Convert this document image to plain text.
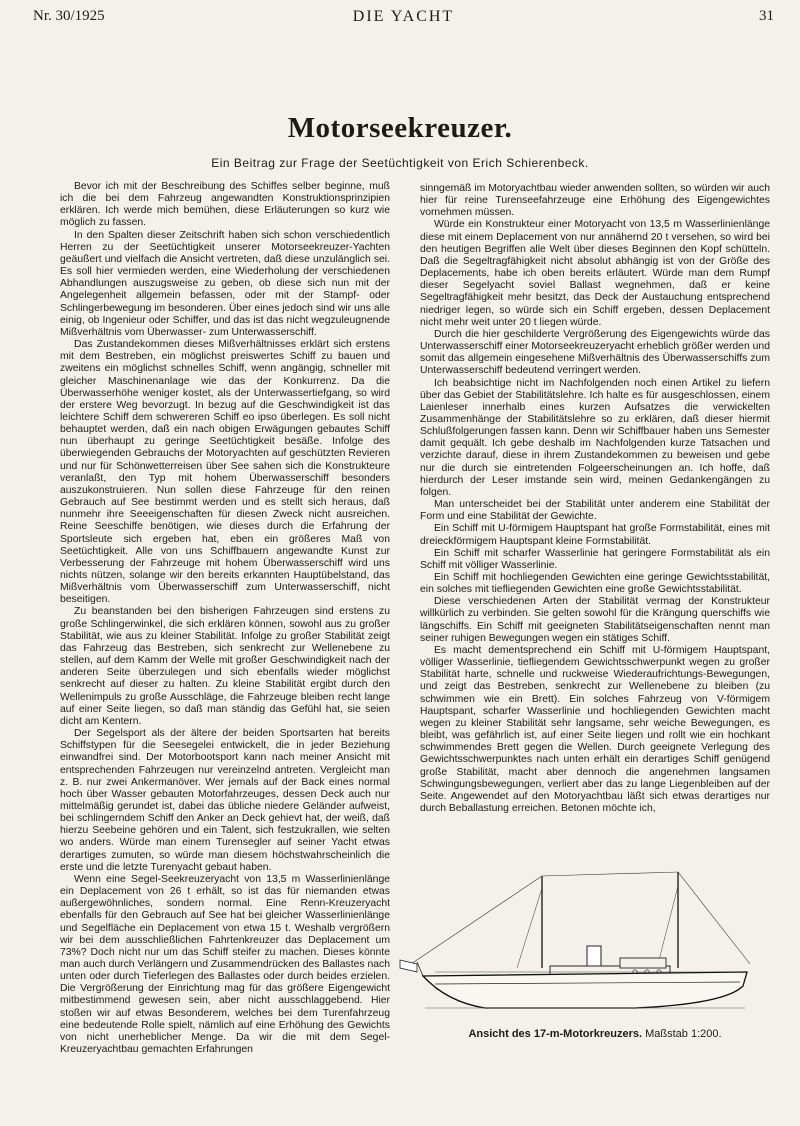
Nr. 30/1925	DIE YACHT	31
Motorseekreuzer.

Ein Beitrag zur Frage der Seetüchtigkeit von Erich Schierenbeck.

Bevor ich mit der Beschreibung des Schiffes selber beginne, muß ich die bei dem Fahrzeug angewandten Konstruktionsprinzipien erklären. Ich werde mich bemühen, diese Erläuterungen so kurz wie möglich zu fassen.

In den Spalten dieser Zeitschrift haben sich schon verschiedentlich Herren zu der Seetüchtigkeit unserer Motorseekreuzer-Yachten geäußert und vielfach die Ansicht vertreten, daß diese unzulänglich sei. Es soll hier vermieden werden, eine Wiederholung der verschiedenen Abhandlungen auszugsweise zu geben, ob diese sich nun mit der Angelegenheit allgemein befassen, oder mit der Stampf- oder Schlingerbewegung im besonderen. Über eines jedoch sind wir uns alle einig, ob Ingenieur oder Schiffer, und das ist das nicht wegzuleugnende Mißverhältnis vom Überwasser- zum Unterwasserschiff.

Das Zustandekommen dieses Mißverhältnisses erklärt sich erstens mit dem Bestreben, ein möglichst preiswertes Schiff zu bauen und zweitens ein möglichst schnelles Schiff, wenn angängig, schneller mit gleicher Maschinenanlage wie das der Konkurrenz. Da die Überwasserhöhe weniger kostet, als der Unterwassertiefgang, so wird der erstere Weg bevorzugt. In bezug auf die Geschwindigkeit ist das leichtere Schiff dem schwereren Schiff eo ipso überlegen. Es soll nicht behauptet werden, daß ein nach obigen Erwägungen gebautes Schiff nun überhaupt zu geringe Seetüchtigkeit besäße. Infolge des überwiegenden Gebrauchs der Motoryachten auf geschützten Revieren und nur für Schönwetterreisen über See sahen sich die Konstrukteure veranlaßt, den Typ mit hohem Überwasserschiff besonders auszukonstruieren. Nun sollen diese Fahrzeuge für den reinen Gebrauch auf See bestimmt werden und es stellt sich heraus, daß nunmehr ihre Seeeigenschaften für diesen Zweck nicht ausreichen. Reine Seeschiffe benötigen, wie dieses durch die Erfahrung der Sportsleute sich ergeben hat, eben ein größeres Maß von Seetüchtigkeit. Alle von uns Schiffbauern angewandte Kunst zur Verbesserung der Fahrzeuge mit hohem Überwasserschiff wird uns nichts nützen, solange wir den bereits erkannten Hauptübelstand, das Mißverhältnis vom Überwasserschiff zum Unterwasserschiff, nicht beseitigen.

Zu beanstanden bei den bisherigen Fahrzeugen sind erstens zu große Schlingerwinkel, die sich erklären können, sowohl aus zu großer Stabilität, wie aus zu kleiner Stabilität. Infolge zu großer Stabilität zeigt das Fahrzeug das Bestreben, sich senkrecht zur Wellenebene zu stellen, auf dem Kamm der Welle mit großer Geschwindigkeit nach der anderen Seite überzulegen und sich ebenfalls wieder möglichst senkrecht auf dieser zu halten. Zu kleine Stabilität ergibt durch den Wellenimpuls zu große Ausschläge, die Fahrzeuge bleiben recht lange auf einer Seite liegen, so daß man ständig das Gefühl hat, sie seien dicht am Kentern.

Der Segelsport als der ältere der beiden Sportsarten hat bereits Schiffstypen für die Seesegelei entwickelt, die in jeder Beziehung einwandfrei sind. Der Motorbootsport kann nach meiner Ansicht mit entsprechenden Fahrzeugen nur vereinzelnd antreten. Vergleicht man z. B. nur zwei Ankermanöver. Wer jemals auf der Back eines normal hoch über Wasser gebauten Motorfahrzeuges, dessen Deck auch nur mittelmäßig gerundet ist, dabei das übliche niedere Geländer aufweist, bei schlingerndem Schiff den Anker an Deck gehievt hat, der weiß, daß hierzu Seebeine gehören und ein Talent, sich festzukrallen, wie selten wo anders. Würde man einem Turensegler auf seiner Yacht etwas derartiges zumuten, so würde man diesem höchstwahrscheinlich die erste und die letzte Turenyacht gebaut haben.

Wenn eine Segel-Seekreuzeryacht von 13,5 m Wasserlinienlänge ein Deplacement von 26 t erhält, so ist das für niemanden etwas außergewöhnliches, sondern normal. Eine Renn-Kreuzeryacht ebenfalls für den Gebrauch auf See hat bei gleicher Wasserlinienlänge und Segelfläche ein Deplacement von etwa 15 t. Weshalb vergrößern wir bei dem ausschließlichen Fahrtenkreuzer das Deplacement um 73%? Doch nicht nur um das Schiff steifer zu machen. Dieses könnte man auch durch Verlängern und Zusammendrücken des Ballastes nach unten oder durch Tieferlegen des Ballastes oder durch beides erzielen. Die Vergrößerung der Einrichtung mag für das größere Eigengewicht mitbestimmend gewesen sein, aber nicht ausschlaggebend. Hier stoßen wir auf etwas Besonderem, welches bei dem Turenfahrzeug eine bedeutende Rolle spielt, nämlich auf eine Erhöhung des Gewichts von nicht unerheblicher Menge. Da wir die mit dem Segel-Kreuzeryachtbau gemachten Erfahrungen

sinngemäß im Motoryachtbau wieder anwenden sollten, so würden wir auch hier für reine Turenseefahrzeuge eine Erhöhung des Eigengewichtes vornehmen müssen.

Würde ein Konstrukteur einer Motoryacht von 13,5 m Wasserlinienlänge diese mit einem Deplacement von nur annähernd 20 t versehen, so wird bei den heutigen Begriffen alle Welt über dieses Beginnen den Kopf schütteln. Daß die Segeltragfähigkeit nicht absolut abhängig ist von der Größe des Deplacements, habe ich oben bereits erläutert. Würde man dem Rumpf dieser Segelyacht soviel Ballast wegnehmen, daß er keine Segeltragfähigkeit mehr besitzt, das Deck der Austauchung entsprechend niedriger legen, so würde sich ein Schiff ergeben, dessen Deplacement nicht mehr weit unter 20 t liegen würde.

Durch die hier geschilderte Vergrößerung des Eigengewichts würde das Unterwasserschiff einer Motorseekreuzeryacht erheblich größer werden und somit das allgemein eingesehene Mißverhältnis des Überwasserschiffs zum Unterwasserschiff bedeutend verringert werden.

Ich beabsichtige nicht im Nachfolgenden noch einen Artikel zu liefern über das Gebiet der Stabilitätslehre. Ich halte es für ausgeschlossen, einem Laienleser innerhalb eines kurzen Aufsatzes die verwickelten Zusammenhänge der Stabilitätslehre so zu erklären, daß dieser hiermit Schlußfolgerungen fassen kann. Denn wir Schiffbauer haben uns Semester damit gequält. Ich gebe deshalb im Nachfolgenden kurze Tatsachen und verzichte darauf, diese in ihrem Zustandekommen zu beweisen und gebe nur die durch sie eintretenden Folgeerscheinungen an. Ich hoffe, daß hierdurch der Leser imstande sein wird, meinen Gedankengängen zu folgen.

Man unterscheidet bei der Stabilität unter anderem eine Stabilität der Form und eine Stabilität der Gewichte.

Ein Schiff mit U-förmigem Hauptspant hat große Formstabilität, eines mit dreieckförmigem Hauptspant kleine Formstabilität.

Ein Schiff mit scharfer Wasserlinie hat geringere Formstabilität als ein Schiff mit völliger Wasserlinie.

Ein Schiff mit hochliegenden Gewichten eine geringe Gewichtsstabilität, ein solches mit tiefliegenden Gewichten eine große Gewichtsstabilität.

Diese verschiedenen Arten der Stabilität vermag der Konstrukteur willkürlich zu verbinden. Sie gelten sowohl für die Krängung querschiffs wie längschiffs. Ein Schiff mit geeigneten Stabilitätseigenschaften nennt man seiner ruhigen Bewegungen wegen ein stätiges Schiff.

Es macht dementsprechend ein Schiff mit U-förmigem Hauptspant, völliger Wasserlinie, tiefliegendem Gewichtsschwerpunkt wegen zu großer Stabilität harte, schnelle und ruckweise Wiederaufrichtungs-Bewegungen, und zeigt das Bestreben, senkrecht zur Wellenebene zu bleiben (zu schwimmen wie ein Brett). Ein solches Fahrzeug von V-förmigem Hauptspant, scharfer Wasserlinie und hochliegenden Gewichten macht wegen zu kleiner Stabilität sehr langsame, sehr weiche Bewegungen, es bleibt, was gefährlich ist, auf einer Seite liegen und rollt wie ein hochkant schwimmendes Brett gegen die Wellen. Durch geeignete Verlegung des Gewichtsschwerpunktes nach unten erhält ein derartiges Schiff genügend große Stabilität, macht aber dennoch die angenehmen langsamen Schwingungsbewegungen, verliert aber das zu lange Liegenbleiben auf der Seite. Angewendet auf den Motoryachtbau läßt sich etwas derartiges nur durch Beballastung erreichen. Betonen möchte ich,

Ansicht des 17-m-Motorkreuzers. Maßstab 1:200.
